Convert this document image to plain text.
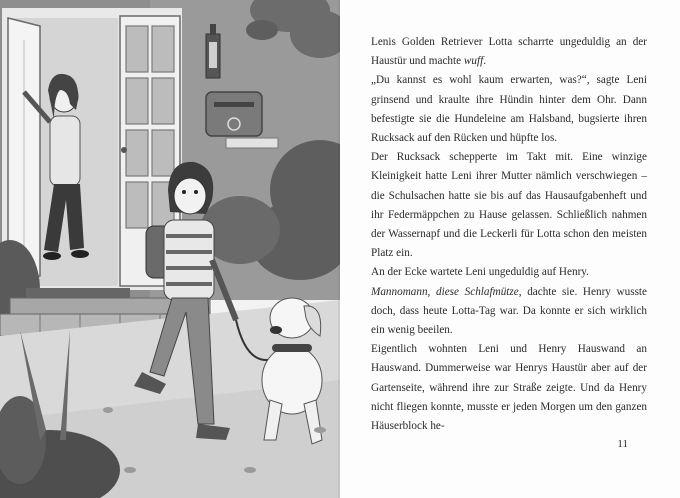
Lenis Golden Retriever Lotta scharrte ungeduldig an der Haustür und machte wuff.

„Du kannst es wohl kaum erwarten, was?“, sagte Leni grinsend und kraulte ihre Hündin hinter dem Ohr. Dann befestigte sie die Hundeleine am Halsband, bugsierte ihren Rucksack auf den Rücken und hüpfte los.

Der Rucksack schepperte im Takt mit. Eine winzige Kleinigkeit hatte Leni ihrer Mutter nämlich verschwiegen – die Schulsachen hatte sie bis auf das Hausaufgabenheft und ihr Federmäppchen zu Hause gelassen. Schließlich nahmen der Wassernapf und die Leckerli für Lotta schon den meisten Platz ein.

An der Ecke wartete Leni ungeduldig auf Henry.

Mannomann, diese Schlafmütze, dachte sie. Henry wusste doch, dass heute Lotta-Tag war. Da konnte er sich wirklich ein wenig beeilen.

Eigentlich wohnten Leni und Henry Hauswand an Hauswand. Dummerweise war Henrys Haustür aber auf der Gartenseite, während ihre zur Straße zeigte. Und da Henry nicht fliegen konnte, musste er jeden Morgen um den ganzen Häuserblock he-

11
